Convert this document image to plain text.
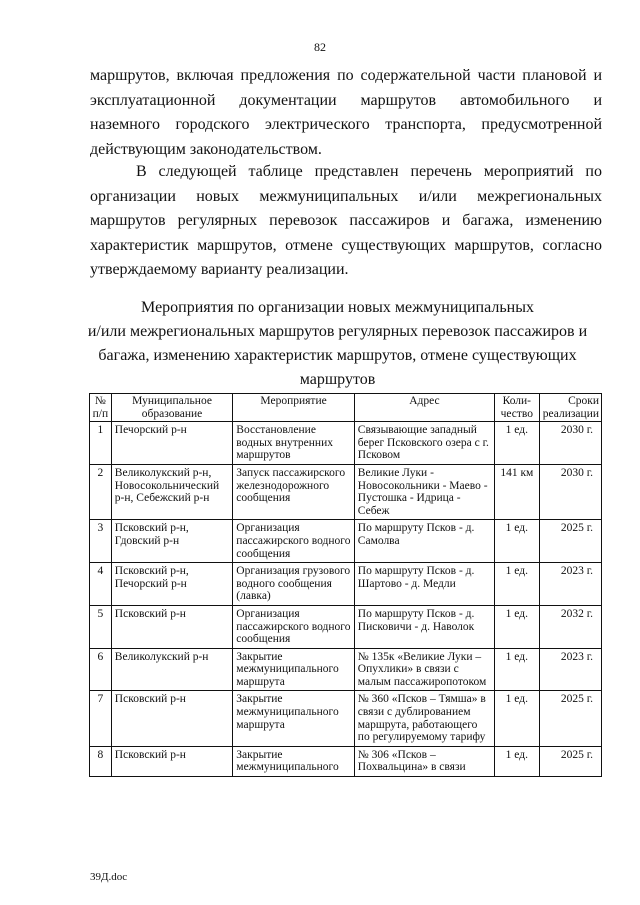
82
маршрутов, включая предложения по содержательной части плановой и
эксплуатационной документации маршрутов автомобильного и
наземного городского электрического транспорта, предусмотренной
действующим законодательством.
В следующей таблице представлен перечень мероприятий по
организации новых межмуниципальных и/или межрегиональных
маршрутов регулярных перевозок пассажиров и багажа, изменению
характеристик маршрутов, отмене существующих маршрутов, согласно
утверждаемому варианту реализации.
Мероприятия по организации новых межмуниципальных
и/или межрегиональных маршрутов регулярных перевозок пассажиров и
багажа, изменению характеристик маршрутов, отмене существующих
маршрутов
№ п/п	Муниципальное образование	Мероприятие	Адрес	Коли-чество	Сроки реализации
1	Печорский р-н	Восстановление водных внутренних маршрутов	Связывающие западный берег Псковского озера с г. Псковом	1 ед.	2030 г.
2	Великолукский р-н, Новосокольнический р-н, Себежский р-н	Запуск пассажирского железнодорожного сообщения	Великие Луки - Новосокольники - Маево - Пустошка - Идрица - Себеж	141 км	2030 г.
3	Псковский р-н, Гдовский р-н	Организация пассажирского водного сообщения	По маршруту Псков - д. Самолва	1 ед.	2025 г.
4	Псковский р-н, Печорский р-н	Организация грузового водного сообщения (лавка)	По маршруту Псков - д. Шартово - д. Медли	1 ед.	2023 г.
5	Псковский р-н	Организация пассажирского водного сообщения	По маршруту Псков - д. Писковичи - д. Наволок	1 ед.	2032 г.
6	Великолукский р-н	Закрытие межмуниципального маршрута	№ 135к «Великие Луки – Опухлики» в связи с малым пассажиропотоком	1 ед.	2023 г.
7	Псковский р-н	Закрытие межмуниципального маршрута	№ 360 «Псков – Тямша» в связи с дублированием маршрута, работающего по регулируемому тарифу	1 ед.	2025 г.
8	Псковский р-н	Закрытие межмуниципального	№ 306 «Псков – Похвальцина» в связи	1 ед.	2025 г.
39Д.doc
